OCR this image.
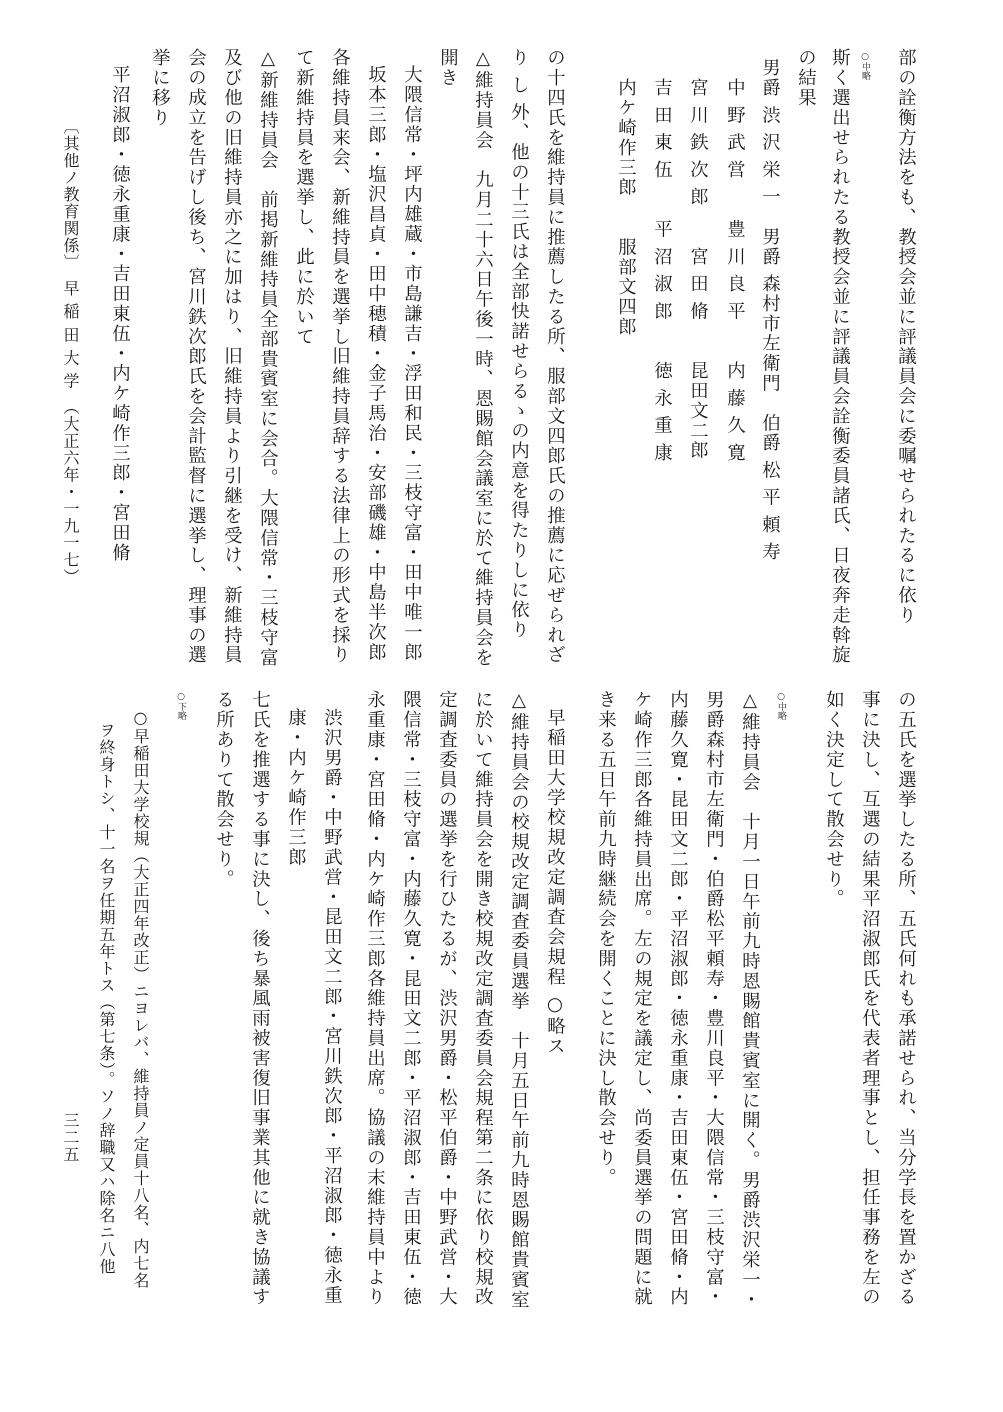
部の詮衡方法をも、教授会並に評議員会に委嘱せられたるに依り
○中略
斯く選出せられたる教授会並に評議員会詮衡委員諸氏、日夜奔走斡旋
の結果
男爵 渋 沢 栄 一　男爵 森村市左衛門　伯爵 松 平 頼 寿
中 野 武 営　　豊 川 良 平　　内 藤 久 寛
宮 川 鉄 次 郎　　宮 田 脩　　昆田文二郎
吉 田 東 伍　　平 沼 淑 郎　　徳 永 重 康
内ケ崎作三郎　　服部文四郎
の十四氏を維持員に推薦したる所、服部文四郎氏の推薦に応ぜられざ
り し 外、他の十三氏は全部快諾せらるゝの内意を得たりしに依り
△維持員会　九月二十六日午後一時、恩賜館会議室に於て維持員会を
開き
大隈信常・坪内雄蔵・市島謙吉・浮田和民・三枝守富・田中唯一郎
坂本三郎・塩沢昌貞・田中穂積・金子馬治・安部磯雄・中島半次郎
各維持員来会、新維持員を選挙し旧維持員辞する法律上の形式を採り
て新維持員を選挙し、此に於いて
△新維持員会　前掲新維持員全部貴賓室に会合。大隈信常・三枝守富
及び他の旧維持員亦之に加はり、旧維持員より引継を受け、新維持員
会の成立を告げし後ち、宮川鉄次郎氏を会計監督に選挙し、理事の選
挙に移り
平沼淑郎・徳永重康・吉田東伍・内ケ崎作三郎・宮田脩
〔其他ノ教育関係〕　早 稲 田 大 学　（大正六年・一九一七）
の五氏を選挙したる所、五氏何れも承諾せられ、当分学長を置かざる
事に決し、互選の結果平沼淑郎氏を代表者理事とし、担任事務を左の
如く決定して散会せり。
○中略
△維持員会　十月一日午前九時恩賜館貴賓室に開く。男爵渋沢栄一・
男爵森村市左衛門・伯爵松平頼寿・豊川良平・大隈信常・三枝守富・
内藤久寛・昆田文二郎・平沼淑郎・徳永重康・吉田東伍・宮田脩・内
ケ崎作三郎各維持員出席。左の規定を議定し、尚委員選挙の問題に就
き来る五日午前九時継続会を開くことに決し散会せり。
早稲田大学校規改定調査会規程 ○略ス
△維持員会の校規改定調査委員選挙　十月五日午前九時恩賜館貴賓室
に於いて維持員会を開き校規改定調査委員会規程第二条に依り校規改
定調査委員の選挙を行ひたるが、渋沢男爵・松平伯爵・中野武営・大
隈信常・三枝守富・内藤久寛・昆田文二郎・平沼淑郎・吉田東伍・徳
永重康・宮田脩・内ケ崎作三郎各維持員出席。協議の末維持員中より
渋沢男爵・中野武営・昆田文二郎・宮川鉄次郎・平沼淑郎・徳永重
康・内ケ崎作三郎
七氏を推選する事に決し、後ち暴風雨被害復旧事業其他に就き協議す
る所ありて散会せり。
○下略
○早稲田大学校規（大正四年改正）ニヨレバ、維持員ノ定員十八名、内七名
ヲ終身トシ、十一名ヲ任期五年トス（第七条）。ソノ辞職又ハ除名ニ八他
三二五
